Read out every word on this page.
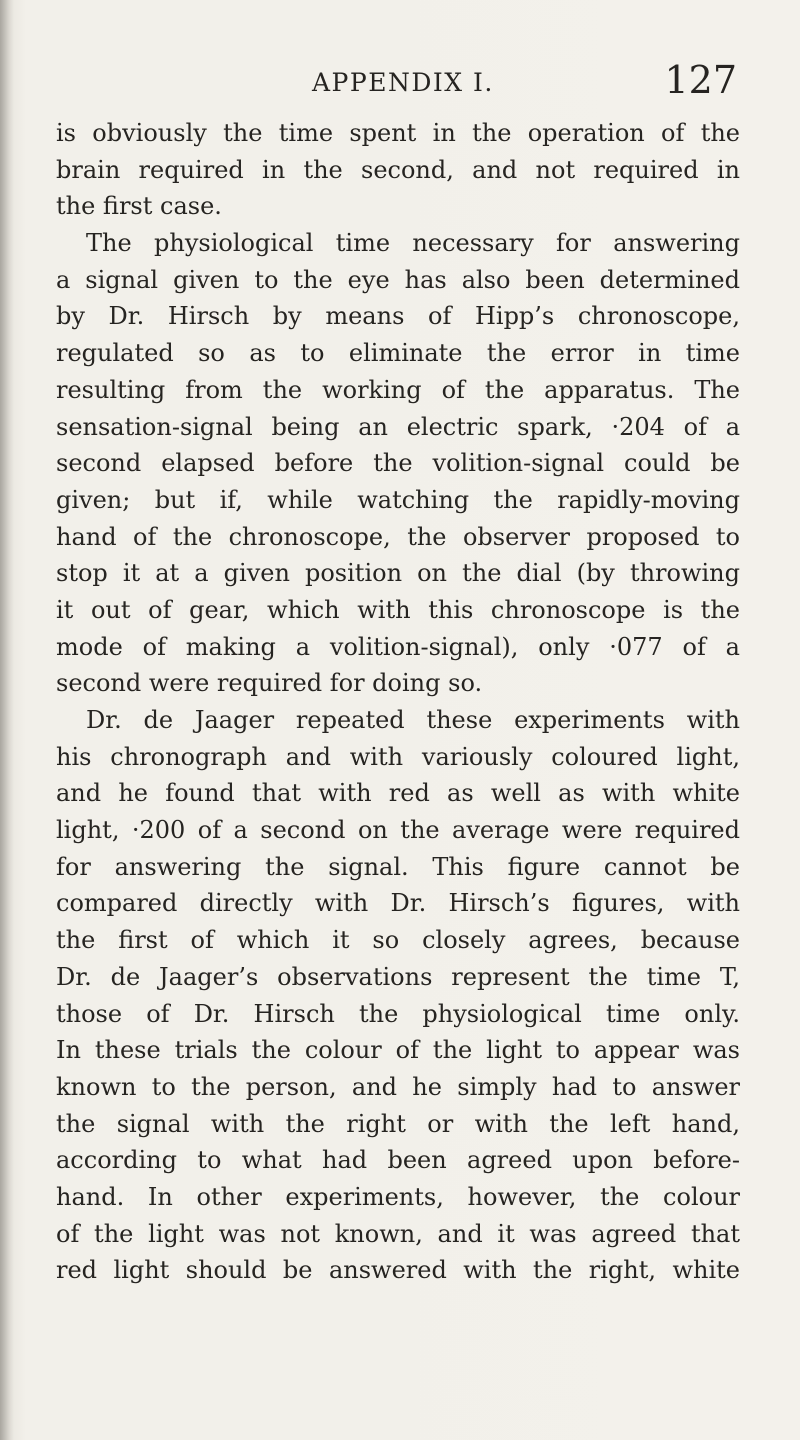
APPENDIX I.	127
is obviously the time spent in the operation of the
brain required in the second, and not required in
the first case.
The physiological time necessary for answering
a signal given to the eye has also been determined
by Dr. Hirsch by means of Hipp’s chronoscope,
regulated so as to eliminate the error in time
resulting from the working of the apparatus. The
sensation-signal being an electric spark, ·204 of a
second elapsed before the volition-signal could be
given; but if, while watching the rapidly-moving
hand of the chronoscope, the observer proposed to
stop it at a given position on the dial (by throwing
it out of gear, which with this chronoscope is the
mode of making a volition-signal), only ·077 of a
second were required for doing so.
Dr. de Jaager repeated these experiments with
his chronograph and with variously coloured light,
and he found that with red as well as with white
light, ·200 of a second on the average were required
for answering the signal. This figure cannot be
compared directly with Dr. Hirsch’s figures, with
the first of which it so closely agrees, because
Dr. de Jaager’s observations represent the time T,
those of Dr. Hirsch the physiological time only.
In these trials the colour of the light to appear was
known to the person, and he simply had to answer
the signal with the right or with the left hand,
according to what had been agreed upon before-
hand. In other experiments, however, the colour
of the light was not known, and it was agreed that
red light should be answered with the right, white
